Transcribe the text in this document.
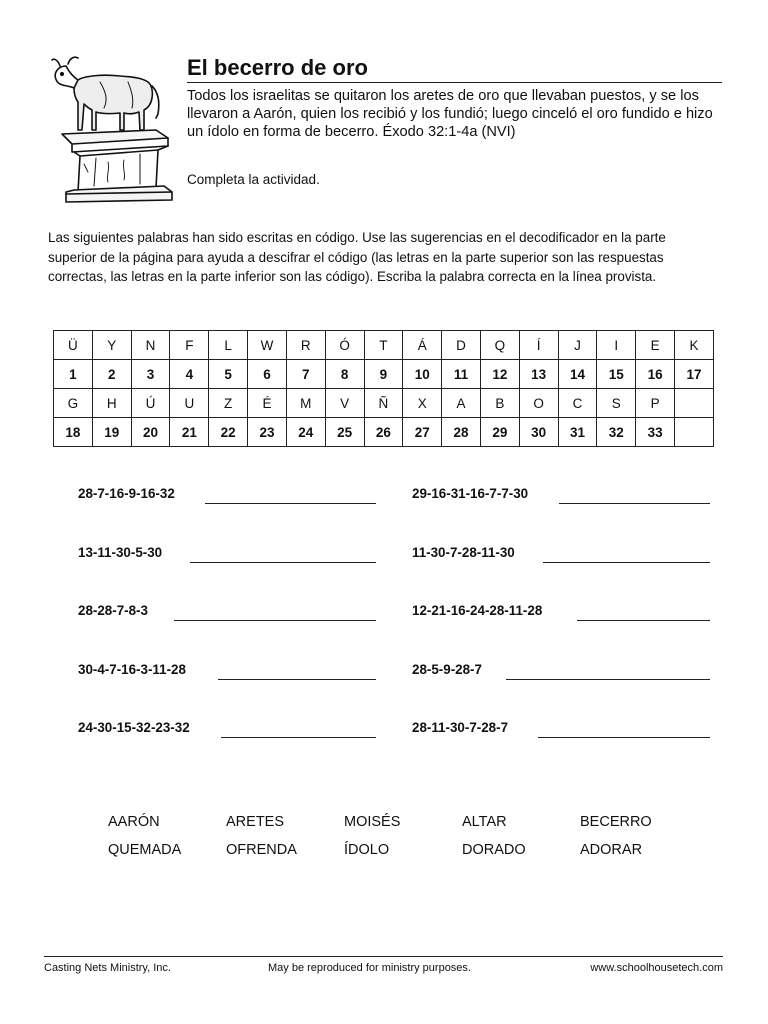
El becerro de oro
Todos los israelitas se quitaron los aretes de oro que llevaban puestos, y se los llevaron a Aarón, quien los recibió y los fundió; luego cinceló el oro fundido e hizo un ídolo en forma de becerro. Éxodo 32:1-4a (NVI)
Completa la actividad.
Las siguientes palabras han sido escritas en código. Use las sugerencias en el decodificador en la parte superior de la página para ayuda a descifrar el código (las letras en la parte superior son las respuestas correctas, las letras en la parte inferior son las código). Escriba la palabra correcta en la línea provista.
Ü	Y	N	F	L	W	R	Ó	T	Á	D	Q	Í	J	I	E	K
1	2	3	4	5	6	7	8	9	10	11	12	13	14	15	16	17
G	H	Ú	U	Z	É	M	V	Ñ	X	A	B	O	C	S	P	
18	19	20	21	22	23	24	25	26	27	28	29	30	31	32	33	
28-7-16-9-16-32	29-16-31-16-7-7-30
13-11-30-5-30	11-30-7-28-11-30
28-28-7-8-3	12-21-16-24-28-11-28
30-4-7-16-3-11-28	28-5-9-28-7
24-30-15-32-23-32	28-11-30-7-28-7
AARÓN	ARETES	MOISÉS	ALTAR	BECERRO
QUEMADA	OFRENDA	ÍDOLO	DORADO	ADORAR
Casting Nets Ministry, Inc.	May be reproduced for ministry purposes.	www.schoolhousetech.com
